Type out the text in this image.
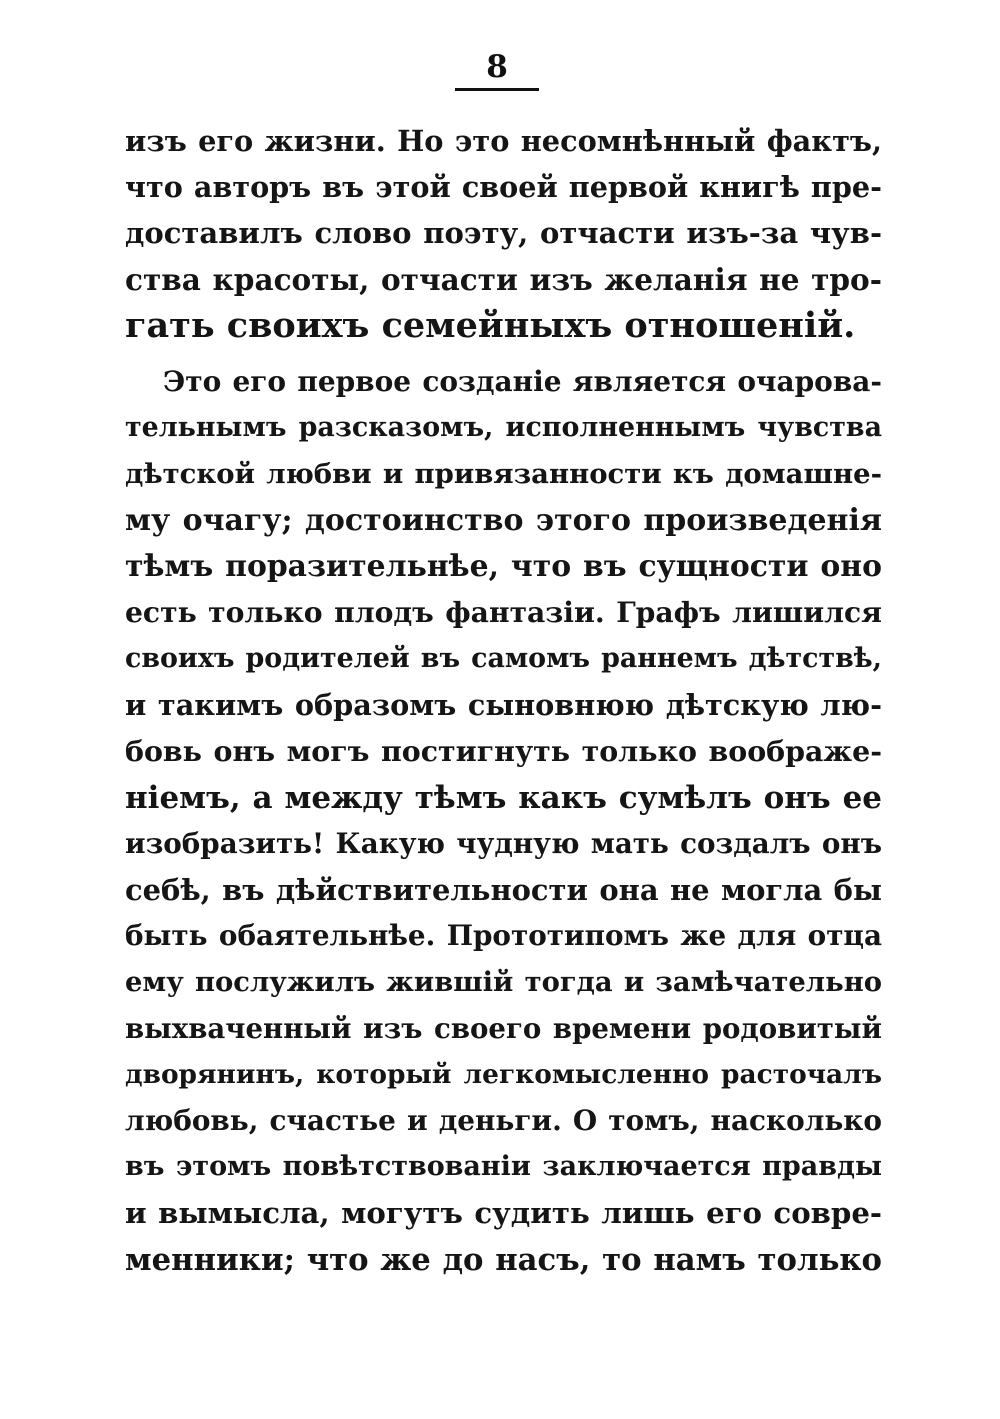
8
изъ его жизни. Но это несомнѣнный фактъ,
что авторъ въ этой своей первой книгѣ пре-
доставилъ слово поэту, отчасти изъ-за чув-
ства красоты, отчасти изъ желанія не тро-
гать своихъ семейныхъ отношеній.
Это его первое созданіе является очарова-
тельнымъ разсказомъ, исполненнымъ чувства
дѣтской любви и привязанности къ домашне-
му очагу; достоинство этого произведенія
тѣмъ поразительнѣе, что въ сущности оно
есть только плодъ фантазіи. Графъ лишился
своихъ родителей въ самомъ раннемъ дѣтствѣ,
и такимъ образомъ сыновнюю дѣтскую лю-
бовь онъ могъ постигнуть только воображе-
ніемъ, а между тѣмъ какъ сумѣлъ онъ ее
изобразить! Какую чудную мать создалъ онъ
себѣ, въ дѣйствительности она не могла бы
быть обаятельнѣе. Прототипомъ же для отца
ему послужилъ жившій тогда и замѣчательно
выхваченный изъ своего времени родовитый
дворянинъ, который легкомысленно расточалъ
любовь, счастье и деньги. О томъ, насколько
въ этомъ повѣтствованіи заключается правды
и вымысла, могутъ судить лишь его совре-
менники; что же до насъ, то намъ только
